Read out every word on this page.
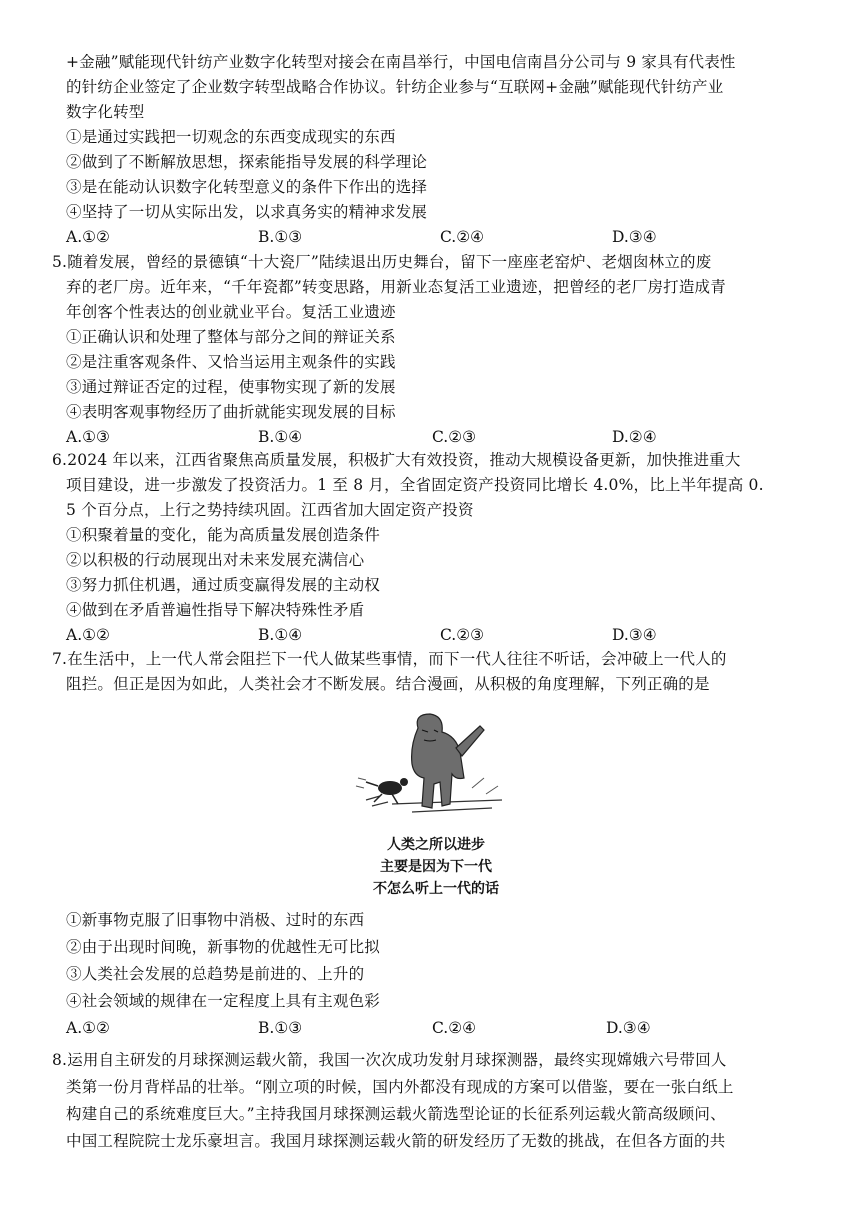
+金融”赋能现代针纺产业数字化转型对接会在南昌举行，中国电信南昌分公司与 9 家具有代表性
的针纺企业签定了企业数字转型战略合作协议。针纺企业参与“互联网+金融”赋能现代针纺产业
数字化转型
①是通过实践把一切观念的东西变成现实的东西
②做到了不断解放思想，探索能指导发展的科学理论
③是在能动认识数字化转型意义的条件下作出的选择
④坚持了一切从实际出发，以求真务实的精神求发展
A.①②	B.①③	C.②④	D.③④
5.随着发展，曾经的景德镇“十大瓷厂”陆续退出历史舞台，留下一座座老窑炉、老烟囱林立的废
弃的老厂房。近年来，“千年瓷都”转变思路，用新业态复活工业遗迹，把曾经的老厂房打造成青
年创客个性表达的创业就业平台。复活工业遗迹
①正确认识和处理了整体与部分之间的辩证关系
②是注重客观条件、又恰当运用主观条件的实践
③通过辩证否定的过程，使事物实现了新的发展
④表明客观事物经历了曲折就能实现发展的目标
A.①③	B.①④	C.②③	D.②④
6.2024 年以来，江西省聚焦高质量发展，积极扩大有效投资，推动大规模设备更新，加快推进重大
项目建设，进一步激发了投资活力。1 至 8 月，全省固定资产投资同比增长 4.0%，比上半年提高 0.
5 个百分点，上行之势持续巩固。江西省加大固定资产投资
①积聚着量的变化，能为高质量发展创造条件
②以积极的行动展现出对未来发展充满信心
③努力抓住机遇，通过质变赢得发展的主动权
④做到在矛盾普遍性指导下解决特殊性矛盾
A.①②	B.①④	C.②③	D.③④
7.在生活中，上一代人常会阻拦下一代人做某些事情，而下一代人往往不听话，会冲破上一代人的
阻拦。但正是因为如此，人类社会才不断发展。结合漫画，从积极的角度理解，下列正确的是
人类之所以进步
主要是因为下一代
不怎么听上一代的话
①新事物克服了旧事物中消极、过时的东西
②由于出现时间晚，新事物的优越性无可比拟
③人类社会发展的总趋势是前进的、上升的
④社会领域的规律在一定程度上具有主观色彩
A.①②	B.①③	C.②④	D.③④
8.运用自主研发的月球探测运载火箭，我国一次次成功发射月球探测器，最终实现嫦娥六号带回人
类第一份月背样品的壮举。“刚立项的时候，国内外都没有现成的方案可以借鉴，要在一张白纸上
构建自己的系统难度巨大。”主持我国月球探测运载火箭选型论证的长征系列运载火箭高级顾问、
中国工程院院士龙乐豪坦言。我国月球探测运载火箭的研发经历了无数的挑战，在但各方面的共
